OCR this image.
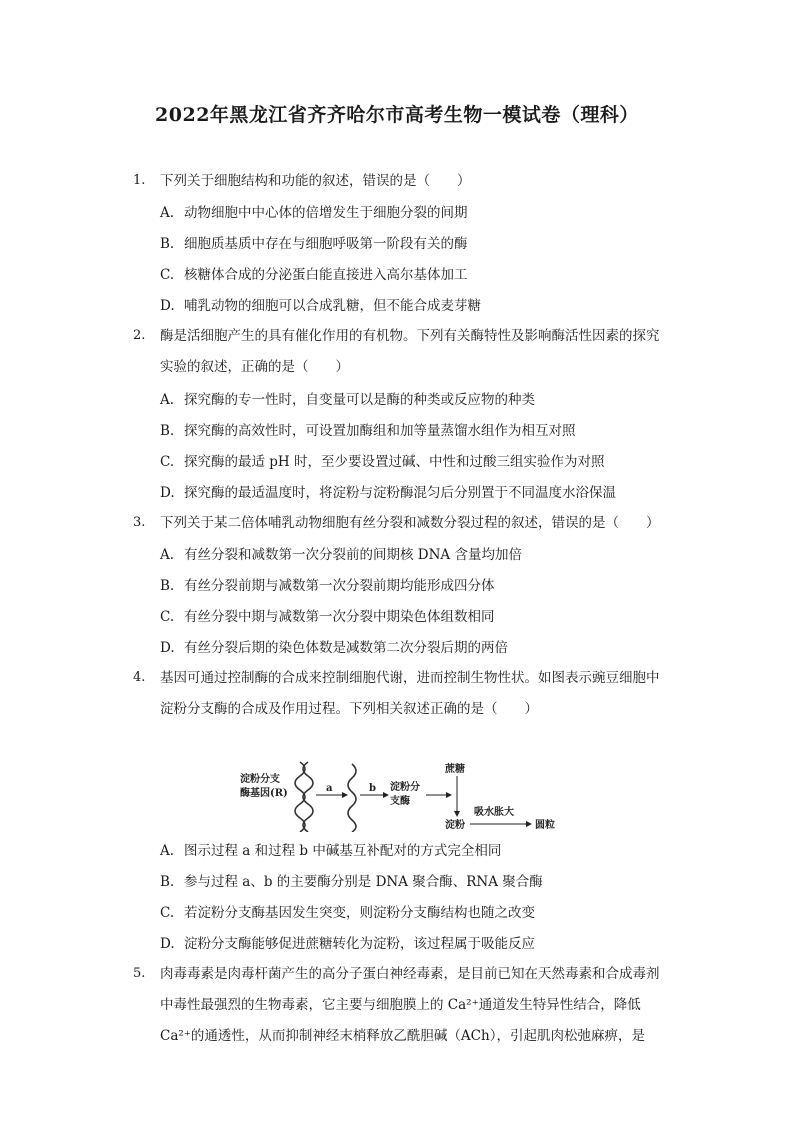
2022年黑龙江省齐齐哈尔市高考生物一模试卷（理科）
1. 下列关于细胞结构和功能的叙述，错误的是（　　）
A. 动物细胞中中心体的倍增发生于细胞分裂的间期
B. 细胞质基质中存在与细胞呼吸第一阶段有关的酶
C. 核糖体合成的分泌蛋白能直接进入高尔基体加工
D. 哺乳动物的细胞可以合成乳糖，但不能合成麦芽糖
2. 酶是活细胞产生的具有催化作用的有机物。下列有关酶特性及影响酶活性因素的探究实验的叙述，正确的是（　　）
A. 探究酶的专一性时，自变量可以是酶的种类或反应物的种类
B. 探究酶的高效性时，可设置加酶组和加等量蒸馏水组作为相互对照
C. 探究酶的最适 pH 时，至少要设置过碱、中性和过酸三组实验作为对照
D. 探究酶的最适温度时，将淀粉与淀粉酶混匀后分别置于不同温度水浴保温
3. 下列关于某二倍体哺乳动物细胞有丝分裂和减数分裂过程的叙述，错误的是（　　）
A. 有丝分裂和减数第一次分裂前的间期核 DNA 含量均加倍
B. 有丝分裂前期与减数第一次分裂前期均能形成四分体
C. 有丝分裂中期与减数第一次分裂中期染色体组数相同
D. 有丝分裂后期的染色体数是减数第二次分裂后期的两倍
4. 基因可通过控制酶的合成来控制细胞代谢，进而控制生物性状。如图表示豌豆细胞中淀粉分支酶的合成及作用过程。下列相关叙述正确的是（　　）
淀粉分支
酶基因(R)	a	b 淀粉分
支酶
蔗糖
淀粉
吸水胀大
圆粒
A. 图示过程 a 和过程 b 中碱基互补配对的方式完全相同
B. 参与过程 a、b 的主要酶分别是 DNA 聚合酶、RNA 聚合酶
C. 若淀粉分支酶基因发生突变，则淀粉分支酶结构也随之改变
D. 淀粉分支酶能够促进蔗糖转化为淀粉，该过程属于吸能反应
5. 肉毒毒素是肉毒杆菌产生的高分子蛋白神经毒素，是目前已知在天然毒素和合成毒剂中毒性最强烈的生物毒素，它主要与细胞膜上的 Ca²⁺通道发生特异性结合，降低 Ca²⁺的通透性，从而抑制神经末梢释放乙酰胆碱（ACh），引起肌肉松弛麻痹，是
